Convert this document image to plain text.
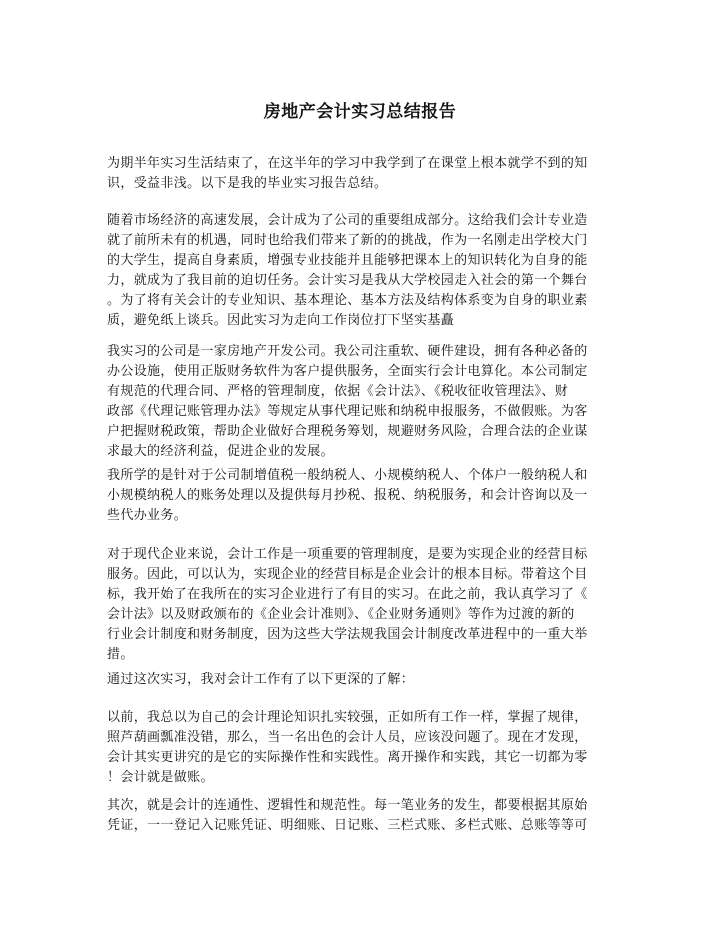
房地产会计实习总结报告

为期半年实习生活结束了，在这半年的学习中我学到了在课堂上根本就学不到的知
识，受益非浅。以下是我的毕业实习报告总结。

随着市场经济的高速发展，会计成为了公司的重要组成部分。这给我们会计专业造
就了前所未有的机遇，同时也给我们带来了新的的挑战，作为一名刚走出学校大门
的大学生，提高自身素质，增强专业技能并且能够把课本上的知识转化为自身的能
力，就成为了我目前的迫切任务。会计实习是我从大学校园走入社会的第一个舞台
。为了将有关会计的专业知识、基本理论、基本方法及结构体系变为自身的职业素
质，避免纸上谈兵。因此实习为走向工作岗位打下坚实基矗

我实习的公司是一家房地产开发公司。我公司注重软、硬件建设，拥有各种必备的
办公设施，使用正版财务软件为客户提供服务，全面实行会计电算化。本公司制定
有规范的代理合同、严格的管理制度，依据《会计法》、《税收征收管理法》、财
政部《代理记账管理办法》等规定从事代理记账和纳税申报服务，不做假账。为客
户把握财税政策，帮助企业做好合理税务筹划，规避财务风险，合理合法的企业谋
求最大的经济利益，促进企业的发展。

我所学的是针对于公司制增值税一般纳税人、小规模纳税人、个体户一般纳税人和
小规模纳税人的账务处理以及提供每月抄税、报税、纳税服务，和会计咨询以及一
些代办业务。

对于现代企业来说，会计工作是一项重要的管理制度，是要为实现企业的经营目标
服务。因此，可以认为，实现企业的经营目标是企业会计的根本目标。带着这个目
标，我开始了在我所在的实习企业进行了有目的实习。在此之前，我认真学习了《
会计法》以及财政颁布的《企业会计准则》、《企业财务通则》等作为过渡的新的
行业会计制度和财务制度，因为这些大学法规我国会计制度改革进程中的一重大举
措。

通过这次实习，我对会计工作有了以下更深的了解：

以前，我总以为自己的会计理论知识扎实较强，正如所有工作一样，掌握了规律，
照芦葫画瓢准没错，那么，当一名出色的会计人员，应该没问题了。现在才发现，
会计其实更讲究的是它的实际操作性和实践性。离开操作和实践，其它一切都为零
！会计就是做账。

其次，就是会计的连通性、逻辑性和规范性。每一笔业务的发生，都要根据其原始
凭证，一一登记入记账凭证、明细账、日记账、三栏式账、多栏式账、总账等等可
